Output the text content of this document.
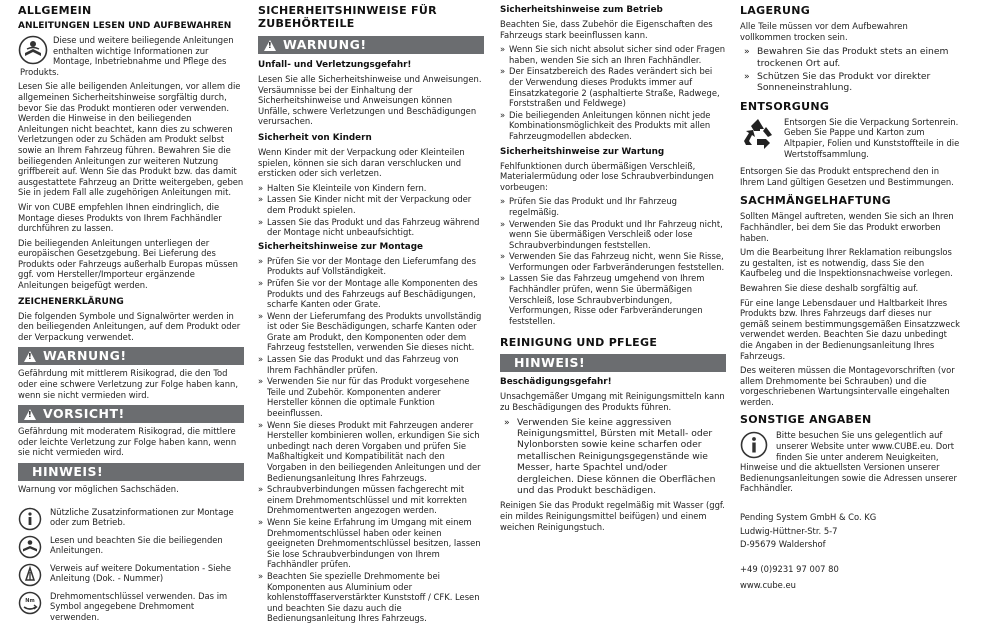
ALLGEMEIN
ANLEITUNGEN LESEN UND AUFBEWAHREN

Diese und weitere beiliegende Anleitungen enthalten wichtige Informationen zur Montage, Inbetriebnahme und Pflege des Produkts.

Lesen Sie alle beiligenden Anleitungen, vor allem die allgemeinen Sicherheitshinweise sorgfältig durch, bevor Sie das Produkt montieren oder verwenden. Werden die Hinweise in den beiliegenden Anleitungen nicht beachtet, kann dies zu schweren Verletzungen oder zu Schäden am Produkt selbst sowie an Ihrem Fahrzeug führen. Bewahren Sie die beiliegenden Anleitungen zur weiteren Nutzung griffbereit auf. Wenn Sie das Produkt bzw. das damit ausgestattete Fahrzeug an Dritte weitergeben, geben Sie in jedem Fall alle zugehörigen Anleitungen mit.

Wir von CUBE empfehlen Ihnen eindringlich, die Montage dieses Produkts von Ihrem Fachhändler durchführen zu lassen.

Die beiliegenden Anleitungen unterliegen der europäischen Gesetzgebung. Bei Lieferung des Produkts oder Fahrzeugs außerhalb Europas müssen ggf. vom Hersteller/Importeur ergänzende Anleitungen beigefügt werden.

ZEICHENERKLÄRUNG

Die folgenden Symbole und Signalwörter werden in den beiliegenden Anleitungen, auf dem Produkt oder der Verpackung verwendet.

!
WARNUNG!

Gefährdung mit mittlerem Risikograd, die den Tod oder eine schwere Verletzung zur Folge haben kann, wenn sie nicht vermieden wird.

!
VORSICHT!

Gefährdung mit moderatem Risikograd, die mittlere oder leichte Verletzung zur Folge haben kann, wenn sie nicht vermieden wird.

HINWEIS!

Warnung vor möglichen Sachschäden.

Nützliche Zusatzinformationen zur Montage oder zum Betrieb.
Lesen und beachten Sie die beiliegenden Anleitungen.
Verweis auf weitere Dokumentation - Siehe Anleitung (Dok. - Nummer)
Nm Drehmomentschlüssel verwenden. Das im Symbol angegebene Drehmoment verwenden.
SICHERHEITSHINWEISE FÜR ZUBEHÖRTEILE
!
WARNUNG!
Unfall- und Verletzungsgefahr!

Lesen Sie alle Sicherheitshinweise und Anweisungen. Versäumnisse bei der Einhaltung der Sicherheitshinweise und Anweisungen können Unfälle, schwere Verletzungen und Beschädigungen verursachen.

Sicherheit von Kindern

Wenn Kinder mit der Verpackung oder Kleinteilen spielen, können sie sich daran verschlucken und ersticken oder sich verletzen.

» Halten Sie Kleinteile von Kindern fern.
» Lassen Sie Kinder nicht mit der Verpackung oder dem Produkt spielen.
» Lassen Sie das Produkt und das Fahrzeug während der Montage nicht unbeaufsichtigt.
Sicherheitshinweise zur Montage
» Prüfen Sie vor der Montage den Lieferumfang des Produkts auf Vollständigkeit.
» Prüfen Sie vor der Montage alle Komponenten des Produkts und des Fahrzeugs auf Beschädigungen, scharfe Kanten oder Grate.
» Wenn der Lieferumfang des Produkts unvollständig ist oder Sie Beschädigungen, scharfe Kanten oder Grate am Produkt, den Komponenten oder dem Fahrzeug feststellen, verwenden Sie dieses nicht.
» Lassen Sie das Produkt und das Fahrzeug von Ihrem Fachhändler prüfen.
» Verwenden Sie nur für das Produkt vorgesehene Teile und Zubehör. Komponenten anderer Hersteller können die optimale Funktion beeinflussen.
» Wenn Sie dieses Produkt mit Fahrzeugen anderer Hersteller kombinieren wollen, erkundigen Sie sich unbedingt nach deren Vorgaben und prüfen Sie Maßhaltigkeit und Kompatibilität nach den Vorgaben in den beiliegenden Anleitungen und der Bedienungsanleitung Ihres Fahrzeugs.
» Schraubverbindungen müssen fachgerecht mit einem Drehmomentschlüssel und mit korrekten Drehmomentwerten angezogen werden.
» Wenn Sie keine Erfahrung im Umgang mit einem Drehmomentschlüssel haben oder keinen geeigneten Drehmomentschlüssel besitzen, lassen Sie lose Schraubverbindungen von Ihrem Fachhändler prüfen.
» Beachten Sie spezielle Drehmomente bei Komponenten aus Aluminium oder kohlenstofffaserverstärkter Kunststoff / CFK. Lesen und beachten Sie dazu auch die Bedienungsanleitung Ihres Fahrzeugs.
Sicherheitshinweise zum Betrieb

Beachten Sie, dass Zubehör die Eigenschaften des Fahrzeugs stark beeinflussen kann.

» Wenn Sie sich nicht absolut sicher sind oder Fragen haben, wenden Sie sich an Ihren Fachhändler.
» Der Einsatzbereich des Rades verändert sich bei der Verwendung dieses Produkts immer auf Einsatzkategorie 2 (asphaltierte Straße, Radwege, Forststraßen und Feldwege)
» Die beiliegenden Anleitungen können nicht jede Kombinationsmöglichkeit des Produkts mit allen Fahrzeugmodellen abdecken.
Sicherheitshinweise zur Wartung

Fehlfunktionen durch übermäßigen Verschleiß, Materialermüdung oder lose Schraubverbindungen vorbeugen:

» Prüfen Sie das Produkt und Ihr Fahrzeug regelmäßig.
» Verwenden Sie das Produkt und Ihr Fahrzeug nicht, wenn Sie übermäßigen Verschleiß oder lose Schraubverbindungen feststellen.
» Verwenden Sie das Fahrzeug nicht, wenn Sie Risse, Verformungen oder Farbveränderungen feststellen.
» Lassen Sie das Fahrzeug umgehend von Ihrem Fachhändler prüfen, wenn Sie übermäßigen Verschleiß, lose Schraubverbindungen, Verformungen, Risse oder Farbveränderungen feststellen.
REINIGUNG UND PFLEGE
HINWEIS!
Beschädigungsgefahr!

Unsachgemäßer Umgang mit Reinigungsmitteln kann zu Beschädigungen des Produkts führen.

» Verwenden Sie keine aggressiven Reinigungsmittel, Bürsten mit Metall- oder Nylonborsten sowie keine scharfen oder metallischen Reinigungsgegenstände wie Messer, harte Spachtel und/oder dergleichen. Diese können die Oberflächen und das Produkt beschädigen.

Reinigen Sie das Produkt regelmäßig mit Wasser (ggf. ein mildes Reinigungsmittel beifügen) und einem weichen Reinigungstuch.

LAGERUNG

Alle Teile müssen vor dem Aufbewahren vollkommen trocken sein.

» Bewahren Sie das Produkt stets an einem trockenen Ort auf.
» Schützen Sie das Produkt vor direkter Sonneneinstrahlung.
ENTSORGUNG

Entsorgen Sie die Verpackung Sortenrein. Geben Sie Pappe und Karton zum Altpapier, Folien und Kunststoffteile in die Wertstoffsammlung.

Entsorgen Sie das Produkt entsprechend den in Ihrem Land gültigen Gesetzen und Bestimmungen.

SACHMÄNGELHAFTUNG

Sollten Mängel auftreten, wenden Sie sich an Ihren Fachhändler, bei dem Sie das Produkt erworben haben.

Um die Bearbeitung Ihrer Reklamation reibungslos zu gestalten, ist es notwendig, dass Sie den Kaufbeleg und die Inspektionsnachweise vorlegen.

Bewahren Sie diese deshalb sorgfältig auf.

Für eine lange Lebensdauer und Haltbarkeit Ihres Produkts bzw. Ihres Fahrzeugs darf dieses nur gemäß seinem bestimmungsgemäßen Einsatzzweck verwendet werden. Beachten Sie dazu unbedingt die Angaben in der Bedienungsanleitung Ihres Fahrzeugs.

Des weiteren müssen die Montagevorschriften (vor allem Drehmomente bei Schrauben) und die vorgeschriebenen Wartungsintervalle eingehalten werden.

SONSTIGE ANGABEN

Bitte besuchen Sie uns gelegentlich auf unserer Website unter www.CUBE.eu. Dort finden Sie unter anderem Neuigkeiten, Hinweise und die aktuellsten Versionen unserer Bedienungsanleitungen sowie die Adressen unserer Fachhändler.

Pending System GmbH & Co. KG

Ludwig-Hüttner-Str. 5-7

D-95679 Waldershof

+49 (0)9231 97 007 80

www.cube.eu
